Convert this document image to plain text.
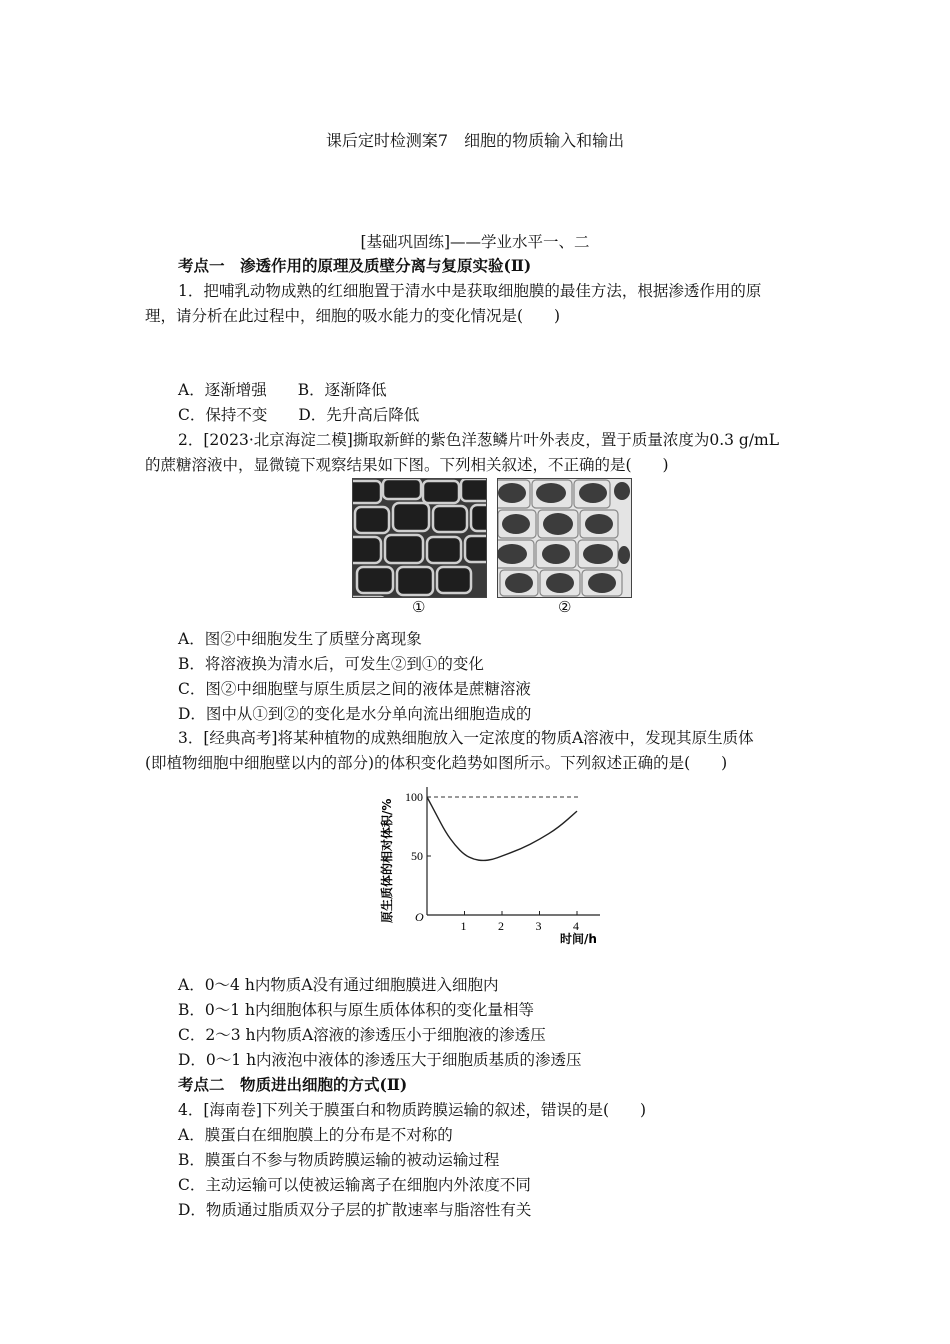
课后定时检测案7　细胞的物质输入和输出
[基础巩固练]——学业水平一、二
考点一　渗透作用的原理及质壁分离与复原实验(Ⅱ)
1．把哺乳动物成熟的红细胞置于清水中是获取细胞膜的最佳方法，根据渗透作用的原
理，请分析在此过程中，细胞的吸水能力的变化情况是(　　)
A．逐渐增强　　B．逐渐降低
C．保持不变　　D．先升高后降低
2．[2023·北京海淀二模]撕取新鲜的紫色洋葱鳞片叶外表皮，置于质量浓度为0.3 g/mL
的蔗糖溶液中，显微镜下观察结果如下图。下列相关叙述，不正确的是(　　)
①	②
A．图②中细胞发生了质壁分离现象
B．将溶液换为清水后，可发生②到①的变化
C．图②中细胞壁与原生质层之间的液体是蔗糖溶液
D．图中从①到②的变化是水分单向流出细胞造成的
3．[经典高考]将某种植物的成熟细胞放入一定浓度的物质A溶液中，发现其原生质体
(即植物细胞中细胞壁以内的部分)的体积变化趋势如图所示。下列叙述正确的是(　　)
1	2	3	4
50
100
O
时间/h
原生质体的相对体积/%
A．0～4 h内物质A没有通过细胞膜进入细胞内
B．0～1 h内细胞体积与原生质体体积的变化量相等
C．2～3 h内物质A溶液的渗透压小于细胞液的渗透压
D．0～1 h内液泡中液体的渗透压大于细胞质基质的渗透压
考点二　物质进出细胞的方式(Ⅱ)
4．[海南卷]下列关于膜蛋白和物质跨膜运输的叙述，错误的是(　　)
A．膜蛋白在细胞膜上的分布是不对称的
B．膜蛋白不参与物质跨膜运输的被动运输过程
C．主动运输可以使被运输离子在细胞内外浓度不同
D．物质通过脂质双分子层的扩散速率与脂溶性有关
